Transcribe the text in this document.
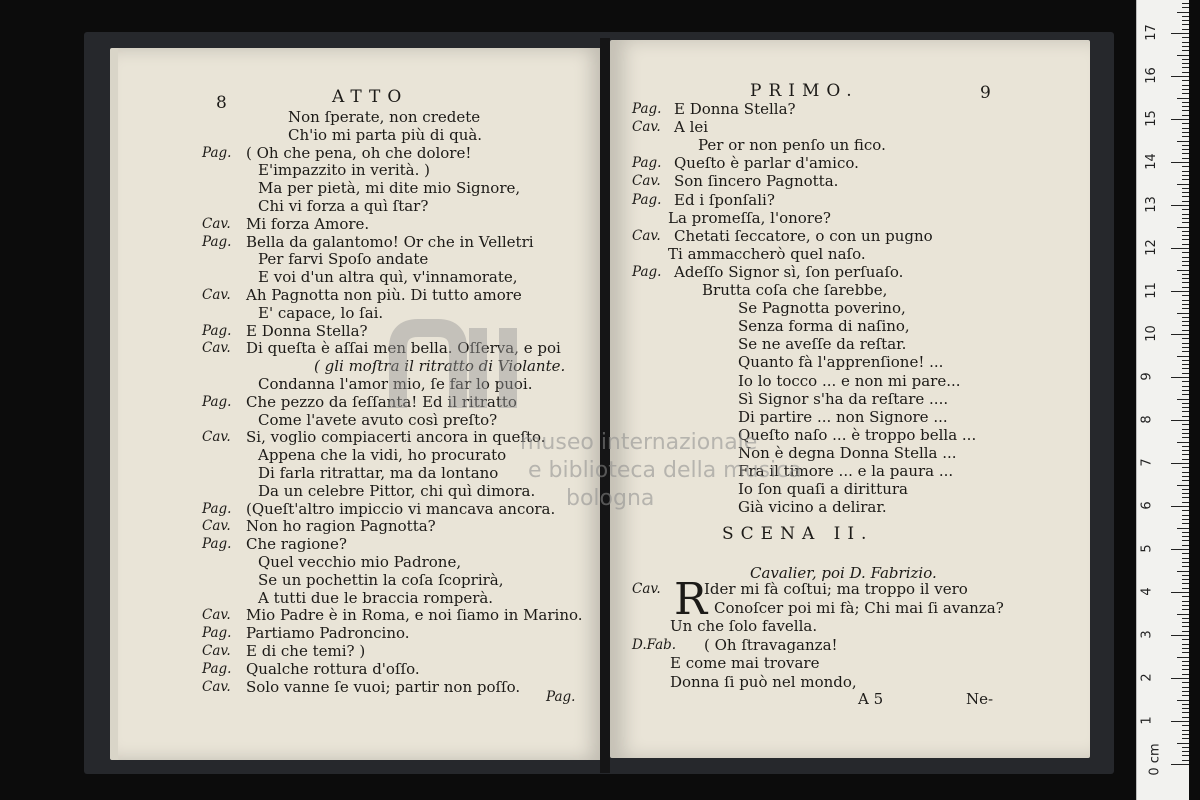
8	ATTO
Pag.
Non ſperate, non credete
Ch'io mi parta più di quà.
Pag. ( Oh che pena, oh che dolore!
E'impazzito in verità. )
Ma per pietà, mi dite mio Signore,
Chi vi forza a quì ſtar?
Cav. Mi forza Amore.
Pag. Bella da galantomo! Or che in Velletri
Per farvi Spoſo andate
E voi d'un altra quì, v'innamorate,
Cav. Ah Pagnotta non più. Di tutto amore
E' capace, lo ſai.
Pag. E Donna Stella?
Cav. Di queſta è aſſai men bella. Oſſerva, e poi
( gli moſtra il ritratto di Violante.
Condanna l'amor mio, ſe far lo puoi.
Pag. Che pezzo da ſeſſanta! Ed il ritratto
Come l'avete avuto così preſto?
Cav. Si, voglio compiacerti ancora in queſto.
Appena che la vidi, ho procurato
Di farla ritrattar, ma da lontano
Da un celebre Pittor, chi quì dimora.
Pag. (Queſt'altro impiccio vi mancava ancora.
Cav. Non ho ragion Pagnotta?
Pag. Che ragione?
Quel vecchio mio Padrone,
Se un pochettin la coſa ſcoprirà,
A tutti due le braccia romperà.
Cav. Mio Padre è in Roma, e noi ſiamo in Marino.
Pag. Partiamo Padroncino.
Cav. E di che temi? )
Pag. Qualche rottura d'oſſo.
Cav. Solo vanne ſe vuoi; partir non poſſo.
PRIMO.	9
SCENA II.
Cavalier, poi D. Fabrizio.
R
A 5	Ne-
Pag. E Donna Stella?
Cav. A lei
Per or non penſo un fico.
Pag. Queſto è parlar d'amico.
Cav. Son ſincero Pagnotta.
Pag. Ed i ſponſali?
La promeſſa, l'onore?
Cav. Chetati ſeccatore, o con un pugno
Ti ammaccherò quel naſo.
Pag. Adeſſo Signor sì, ſon perſuaſo.
Brutta coſa che ſarebbe,
Se Pagnotta poverino,
Senza forma di naſino,
Se ne aveſſe da reſtar.
Quanto fà l'apprenſione! ...
Io lo tocco ... e non mi pare...
Sì Signor s'ha da reſtare ....
Di partire ... non Signore ...
Queſto naſo ... è troppo bella ...
Non è degna Donna Stella ...
Fra il timore ... e la paura ...
Io ſon quaſi a dirittura
Già vicino a delirar.
Cav.	Ider mi fà coſtui; ma troppo il vero
Conoſcer poi mi fà; Chi mai ſi avanza?
Un che ſolo favella.
D.Fab. ( Oh ſtravaganza!
E come mai trovare
Donna ſi può nel mondo,
museo internazionale
e biblioteca della musica
bologna
0 cm
1
2
3
4
5
6
7
8
9
10
11
12
13
14
15
16
17
